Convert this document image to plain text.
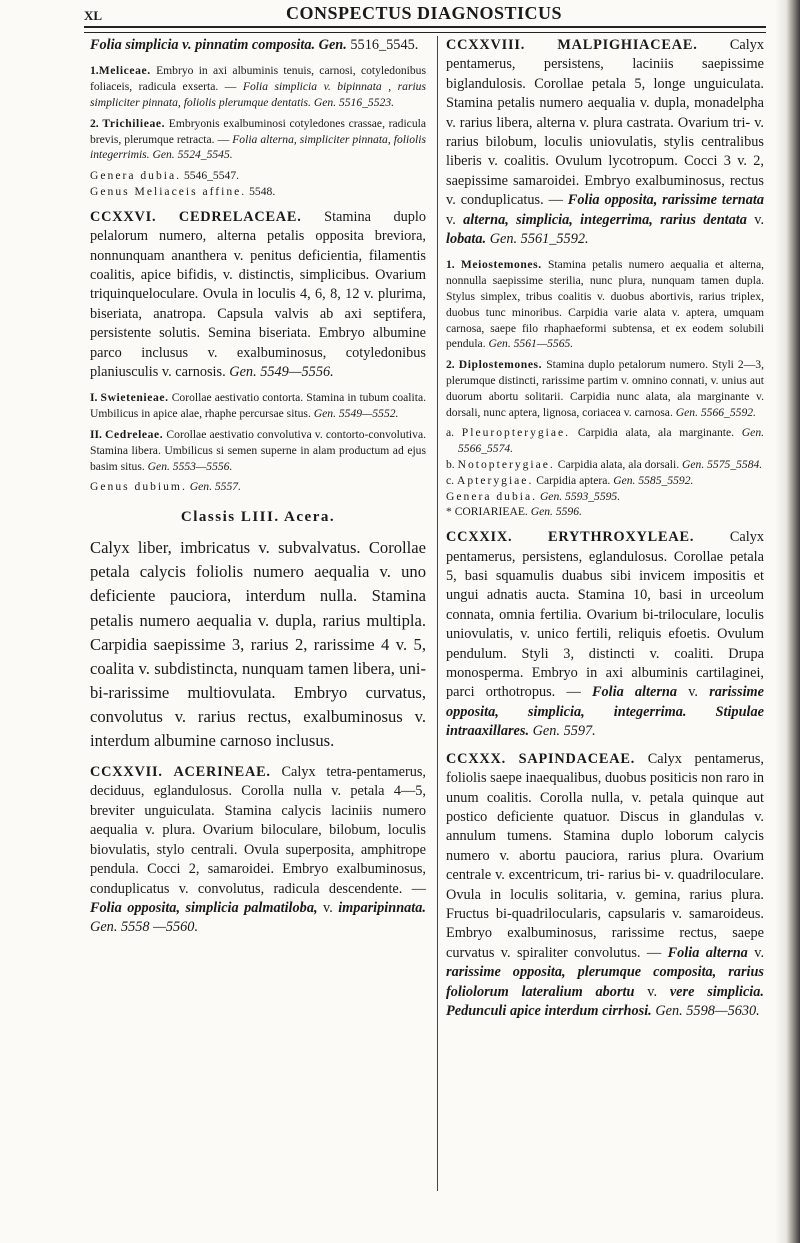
XL	CONSPECTUS DIAGNOSTICUS

Folia simplicia v. pinnatim composita. Gen. 5516_5545.

1.Meliceae. Embryo in axi albuminis tenuis, carnosi, cotyledonibus foliaceis, radicula exserta. — Folia simplicia v. bipinnata , rarius simpliciter pinnata, foliolis plerumque dentatis. Gen. 5516_5523.

2. Trichilieae. Embryonis exalbuminosi cotyledones crassae, radicula brevis, plerumque retracta. — Folia alterna, simpliciter pinnata, foliolis integerrimis. Gen. 5524_5545.

Genera dubia. 5546_5547.

Genus Meliaceis affine. 5548.

CCXXVI. CEDRELACEAE. Stamina duplo pelalorum numero, alterna petalis opposita breviora, nonnunquam ananthera v. penitus deficientia, filamentis coalitis, apice bifidis, v. distinctis, simplicibus. Ovarium triquinqueloculare. Ovula in loculis 4, 6, 8, 12 v. plurima, biseriata, anatropa. Capsula valvis ab axi septifera, persistente solutis. Semina biseriata. Embryo albumine parco inclusus v. exalbuminosus, cotyledonibus planiusculis v. carnosis. Gen. 5549—5556.

I. Swietenieae. Corollae aestivatio contorta. Stamina in tubum coalita. Umbilicus in apice alae, rhaphe percursae situs. Gen. 5549—5552.

II. Cedreleae. Corollae aestivatio convolutiva v. contorto-convolutiva. Stamina libera. Umbilicus si semen superne in alam productum ad ejus basim situs. Gen. 5553—5556.

Genus dubium. Gen. 5557.

Classis LIII. Acera.

Calyx liber, imbricatus v. subvalvatus. Corollae petala calycis foliolis numero aequalia v. uno deficiente pauciora, interdum nulla. Stamina petalis numero aequalia v. dupla, rarius multipla. Carpidia saepissime 3, rarius 2, rarissime 4 v. 5, coalita v. subdistincta, nunquam tamen libera, uni-bi-rarissime multiovulata. Embryo curvatus, convolutus v. rarius rectus, exalbuminosus v. interdum albumine carnoso inclusus.

CCXXVII. ACERINEAE. Calyx tetra-pentamerus, deciduus, eglandulosus. Corolla nulla v. petala 4—5, breviter unguiculata. Stamina calycis laciniis numero aequalia v. plura. Ovarium biloculare, bilobum, loculis biovulatis, stylo centrali. Ovula superposita, amphitropе pendula. Cocci 2, samaroidei. Embryo exalbuminosus, conduplicatus v. convolutus, radicula descendente. — Folia opposita, simplicia palmatiloba, v. imparipinnata. Gen. 5558 —5560.

CCXXVIII. MALPIGHIACEAE. Calyx pentamerus, persistens, laciniis saepissime biglandulosis. Corollae petala 5, longe unguiculata. Stamina petalis numero aequalia v. dupla, monadelpha v. rarius libera, alterna v. plura castrata. Ovarium tri- v. rarius bilobum, loculis uniovulatis, stylis centralibus liberis v. coalitis. Ovulum lycotropum. Cocci 3 v. 2, saepissime samaroidei. Embryo exalbuminosus, rectus v. conduplicatus. — Folia opposita, rarissime ternata v. alterna, simplicia, integerrima, rarius dentata v. lobata. Gen. 5561_5592.

1. Meiostemones. Stamina petalis numero aequalia et alterna, nonnulla saepissime sterilia, nunc plura, nunquam tamen dupla. Stylus simplex, tribus coalitis v. duobus abortivis, rarius triplex, duobus tunc minoribus. Carpidia varie alata v. aptera, umquam carnosa, saepe filo rhaphaeformi subtensa, et ex eodem solubili pendula. Gen. 5561—5565.

2. Diplostemones. Stamina duplo petalorum numero. Styli 2—3, plerumque distincti, rarissime partim v. omnino connati, v. unius aut duorum abortu solitarii. Carpidia nunc alata, ala marginante v. dorsali, nunc aptera, lignosa, coriacea v. carnosa. Gen. 5566_5592.

a. Pleuropterygiae. Carpidia alata, ala marginante. Gen. 5566_5574.

b. Notopterygiae. Carpidia alata, ala dorsali. Gen. 5575_5584.

c. Apterygiae. Carpidia aptera. Gen. 5585_5592.

Genera dubia. Gen. 5593_5595.

* CORIARIEAE. Gen. 5596.

CCXXIX. ERYTHROXYLEAE. Calyx pentamerus, persistens, eglandulosus. Corollae petala 5, basi squamulis duabus sibi invicem impositis et ungui adnatis aucta. Stamina 10, basi in urceolum connata, omnia fertilia. Ovarium bi-triloculare, loculis uniovulatis, v. unico fertili, reliquis efoetis. Ovulum pendulum. Styli 3, distincti v. coaliti. Drupa monosperma. Embryo in axi albuminis cartilaginei, parci orthotropus. — Folia alterna v. rarissime opposita, simplicia, integerrima. Stipulae intraaxillares. Gen. 5597.

CCXXX. SAPINDACEAE. Calyx pentamerus, foliolis saepe inaequalibus, duobus positicis non raro in unum coalitis. Corolla nulla, v. petala quinque aut postico deficiente quatuor. Discus in glandulas v. annulum tumens. Stamina duplo loborum calycis numero v. abortu pauciora, rarius plura. Ovarium centrale v. excentricum, tri- rarius bi- v. quadriloculare. Ovula in loculis solitaria, v. gemina, rarius plura. Fructus bi-quadrilocularis, capsularis v. samaroideus. Embryo exalbuminosus, rarissime rectus, saepe curvatus v. spiraliter convolutus. — Folia alterna v. rarissime opposita, plerumque composita, rarius foliolorum lateralium abortu v. vere simplicia. Pedunculi apice interdum cirrhosi. Gen. 5598—5630.
